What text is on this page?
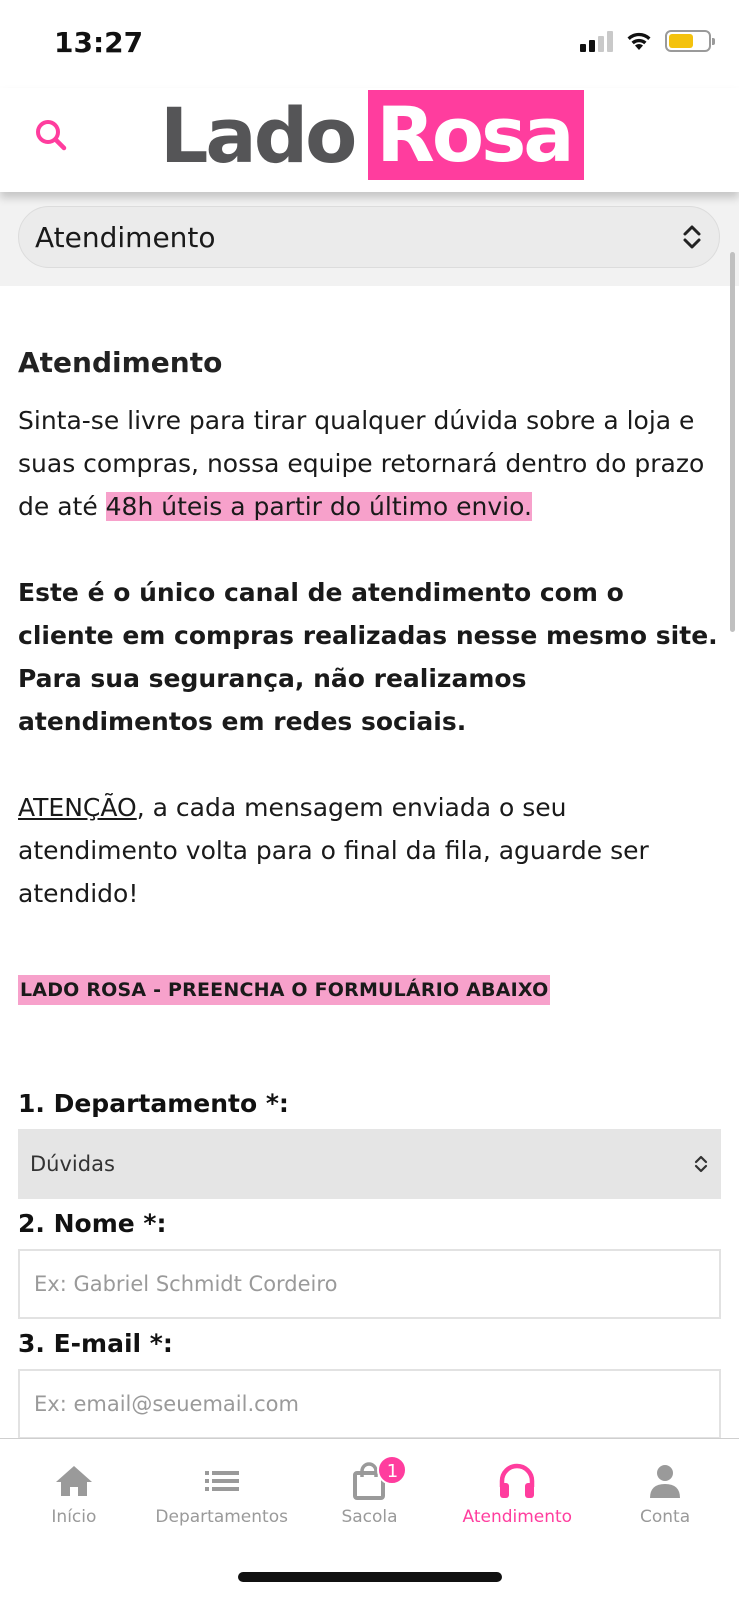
13:27
Lado Rosa
Atendimento
Atendimento

Sinta-se livre para tirar qualquer dúvida sobre a loja e suas compras, nossa equipe retornará dentro do prazo de até 48h úteis a partir do último envio.

Este é o único canal de atendimento com o cliente em compras realizadas nesse mesmo site. Para sua segurança, não realizamos atendimentos em redes sociais.

ATENÇÃO, a cada mensagem enviada o seu atendimento volta para o final da fila, aguarde ser atendido!

LADO ROSA - PREENCHA O FORMULÁRIO ABAIXO
1. Departamento *:
Dúvidas
2. Nome *:
Ex: Gabriel Schmidt Cordeiro
3. E-mail *:
Ex: email@seuemail.com
Início	Departamentos
1
Sacola	Atendimento	Conta
